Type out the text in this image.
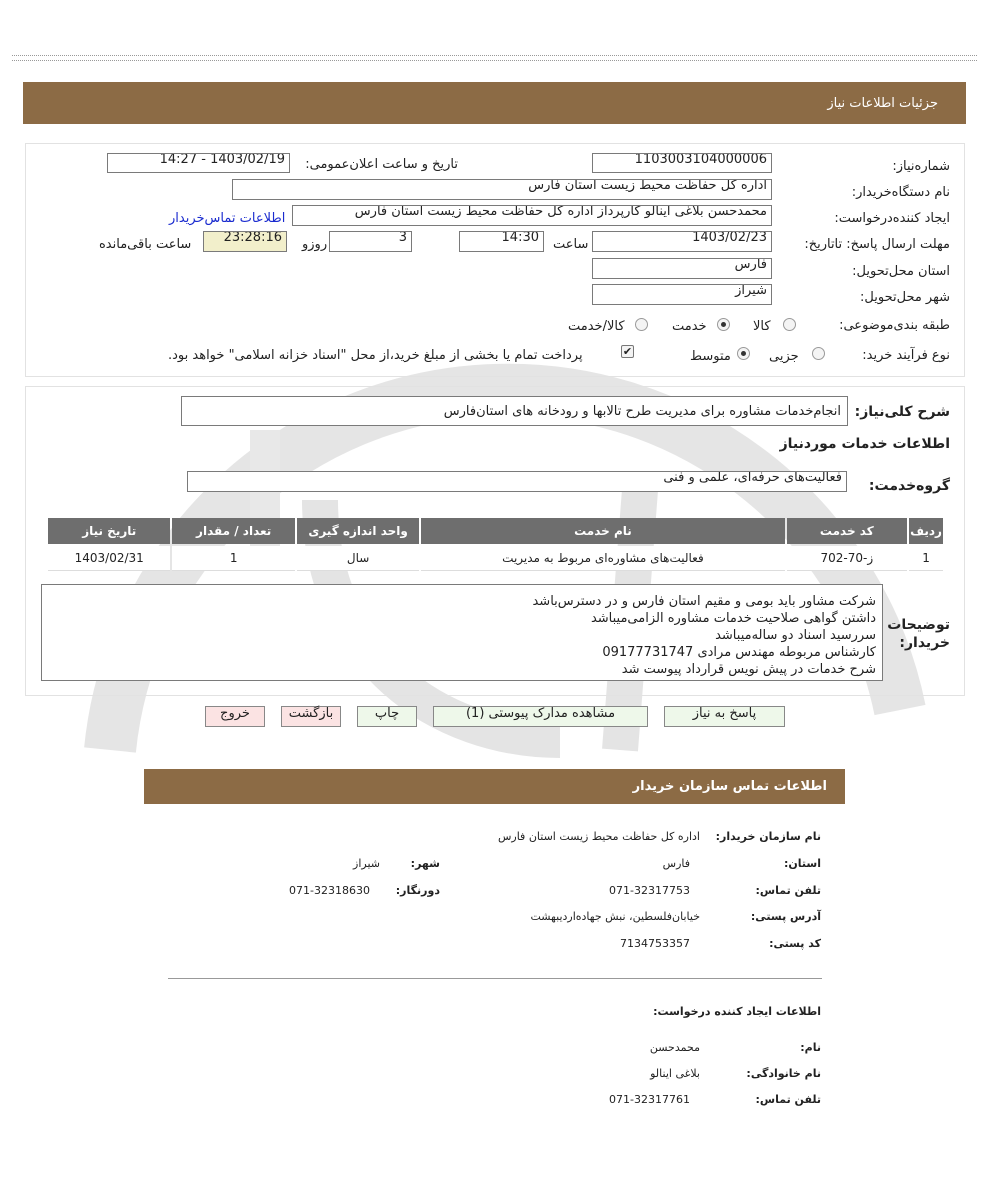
جزئیات اطلاعات نیاز
شماره‌نیاز:
1103003104000006
تاریخ و ساعت اعلان‌عمومی:
1403/02/19 - 14:27
نام دستگاه‌خریدار:
اداره کل حفاظت محیط زیست استان فارس
ایجاد کننده‌درخواست:
محمدحسن بلاغی اینالو کارپرداز اداره کل حفاظت محیط زیست استان فارس
اطلاعات تماس‌خریدار
مهلت ارسال پاسخ: تاتاریخ:
1403/02/23
ساعت
14:30
3
روزو
23:28:16
ساعت باقی‌مانده
استان محل‌تحویل:
فارس
شهر محل‌تحویل:
شیراز
طبقه بندی‌موضوعی:
کالا
خدمت
کالا/خدمت
نوع فرآیند خرید:
جزیی
متوسط
✔
پرداخت تمام یا بخشی از مبلغ خرید،از محل "اسناد خزانه اسلامی" خواهد بود.
شرح کلی‌نیاز:
انجام‌خدمات مشاوره برای مدیریت طرح تالابها و رودخانه های استان‌فارس
اطلاعات خدمات مورد‌نیاز
گروه‌خدمت:
فعالیت‌های حرفه‌ای، علمی و فنی
ردیف	کد خدمت	نام خدمت	واحد اندازه گیری	تعداد / مقدار	تاریخ نیاز
1	ز-70-702	فعالیت‌های مشاوره‌ای مربوط به مدیریت	سال	1	1403/02/31
توضیحات
خریدار:
شرکت مشاور باید بومی و مقیم استان فارس و در دسترس‌باشد
داشتن گواهی صلاحیت خدمات مشاوره الزامی‌میباشد
سررسید اسناد دو ساله‌میباشد
کارشناس مربوطه مهندس مرادی 09177731747
شرح خدمات در پیش نویس قرارداد پیوست شد
پاسخ به نیاز
مشاهده مدارک پیوستی (1)
چاپ
بازگشت
خروج
اطلاعات تماس سازمان خریدار
نام سازمان خریدار:
اداره کل حفاظت محیط زیست استان فارس
استان:
فارس
شهر:
شیراز
تلفن تماس:
071-32317753
دورنگار:
071-32318630
آدرس پستی:
خیابان‌فلسطین، نبش جهاده‌اردیبهشت
کد پستی:
7134753357
اطلاعات ایجاد کننده درخواست:
نام:
محمدحسن
نام خانوادگی:
بلاغی اینالو
تلفن تماس:
071-32317761
